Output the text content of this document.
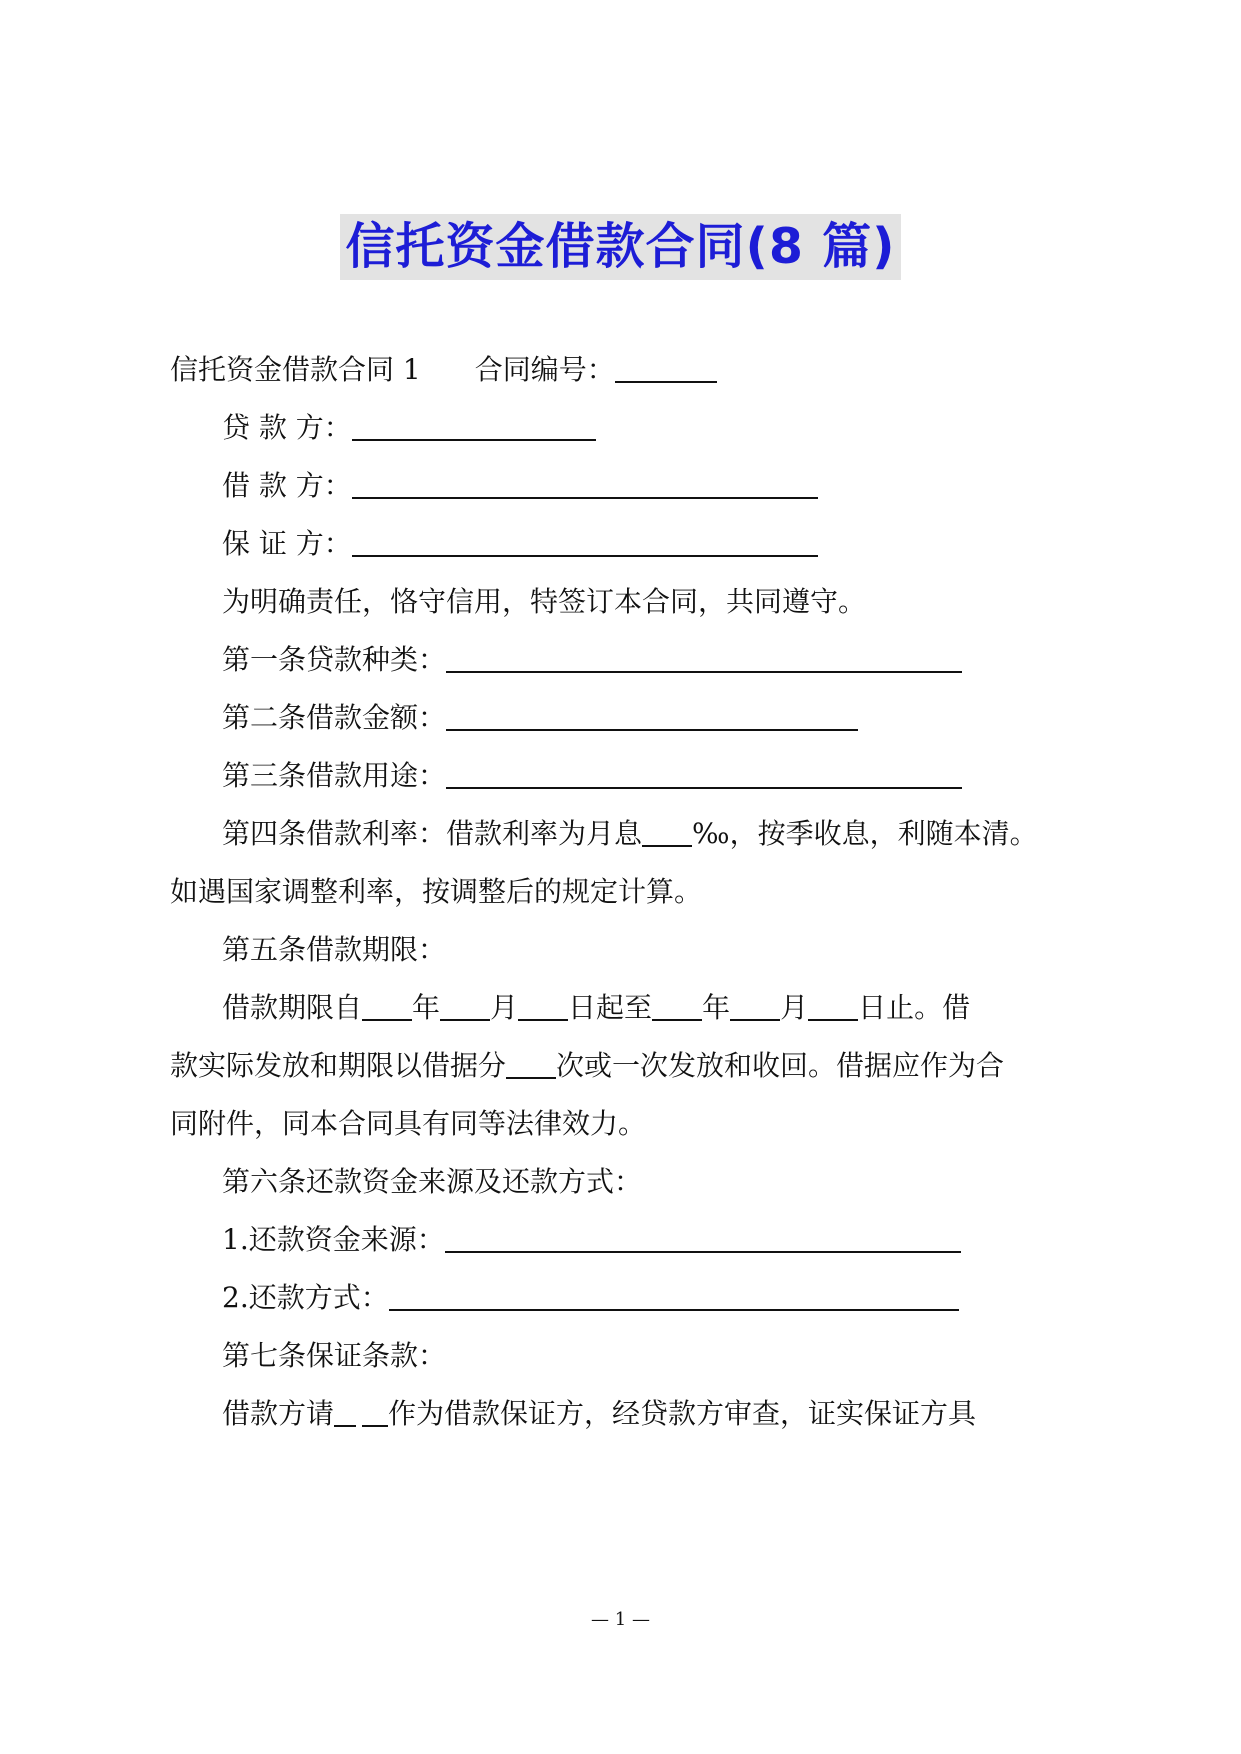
信托资金借款合同(8 篇)
信托资金借款合同 1 合同编号：
贷 款 方：
借 款 方：
保 证 方：
为明确责任，恪守信用，特签订本合同，共同遵守。
第一条贷款种类：
第二条借款金额：
第三条借款用途：
第四条借款利率：借款利率为月息 ‰，按季收息，利随本清。
如遇国家调整利率，按调整后的规定计算。
第五条借款期限：
借款期限自 年 月 日起至 年 月 日止。借
款实际发放和期限以借据分 次或一次发放和收回。借据应作为合
同附件，同本合同具有同等法律效力。
第六条还款资金来源及还款方式：
1.还款资金来源：
2.还款方式：
第七条保证条款：
借款方请 作为借款保证方，经贷款方审查，证实保证方具
— 1 —
